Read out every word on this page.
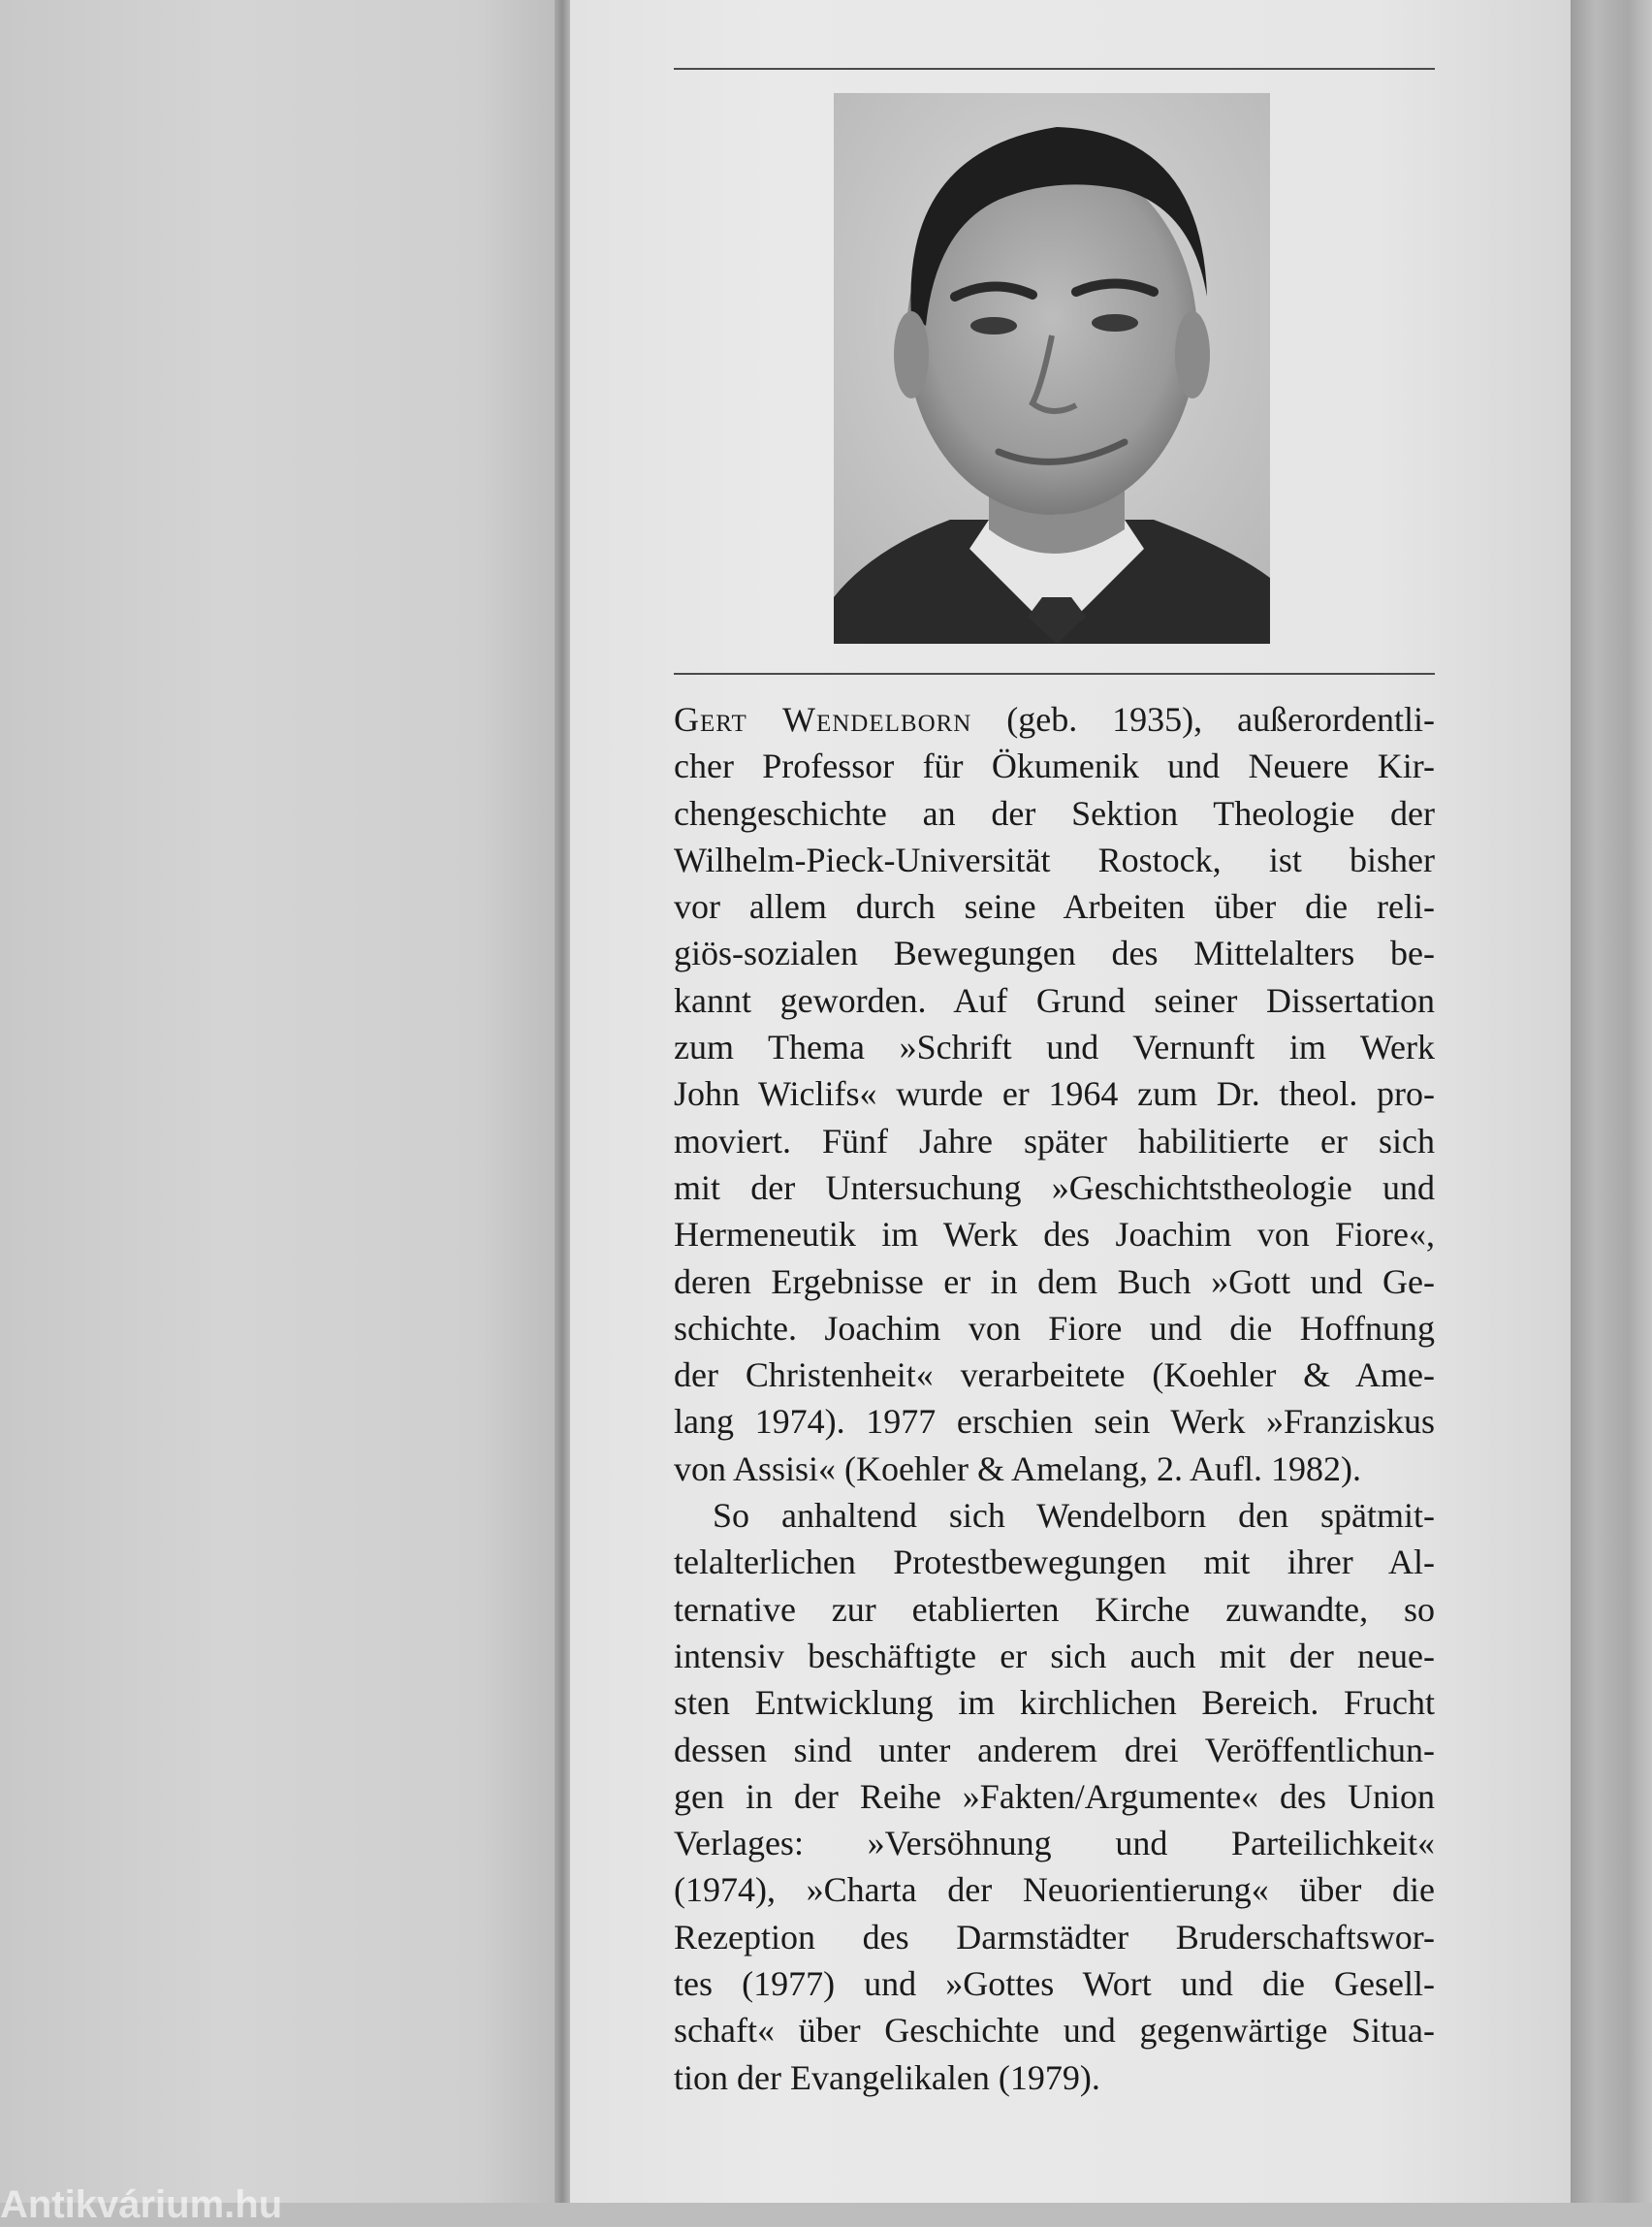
Gert Wendelborn (geb. 1935), außerordentli-
cher Professor für Ökumenik und Neuere Kir-
chengeschichte an der Sektion Theologie der
Wilhelm-Pieck-Universität Rostock, ist bisher
vor allem durch seine Arbeiten über die reli-
giös-sozialen Bewegungen des Mittelalters be-
kannt geworden. Auf Grund seiner Dissertation
zum Thema »Schrift und Vernunft im Werk
John Wiclifs« wurde er 1964 zum Dr. theol. pro-
moviert. Fünf Jahre später habilitierte er sich
mit der Untersuchung »Geschichtstheologie und
Hermeneutik im Werk des Joachim von Fiore«,
deren Ergebnisse er in dem Buch »Gott und Ge-
schichte. Joachim von Fiore und die Hoffnung
der Christenheit« verarbeitete (Koehler & Ame-
lang 1974). 1977 erschien sein Werk »Franziskus
von Assisi« (Koehler & Amelang, 2. Aufl. 1982).

So anhaltend sich Wendelborn den spätmit-
telalterlichen Protestbewegungen mit ihrer Al-
ternative zur etablierten Kirche zuwandte, so
intensiv beschäftigte er sich auch mit der neue-
sten Entwicklung im kirchlichen Bereich. Frucht
dessen sind unter anderem drei Veröffentlichun-
gen in der Reihe »Fakten/Argumente« des Union
Verlages: »Versöhnung und Parteilichkeit«
(1974), »Charta der Neuorientierung« über die
Rezeption des Darmstädter Bruderschaftswor-
tes (1977) und »Gottes Wort und die Gesell-
schaft« über Geschichte und gegenwärtige Situa-
tion der Evangelikalen (1979).

Antikvárium.hu
